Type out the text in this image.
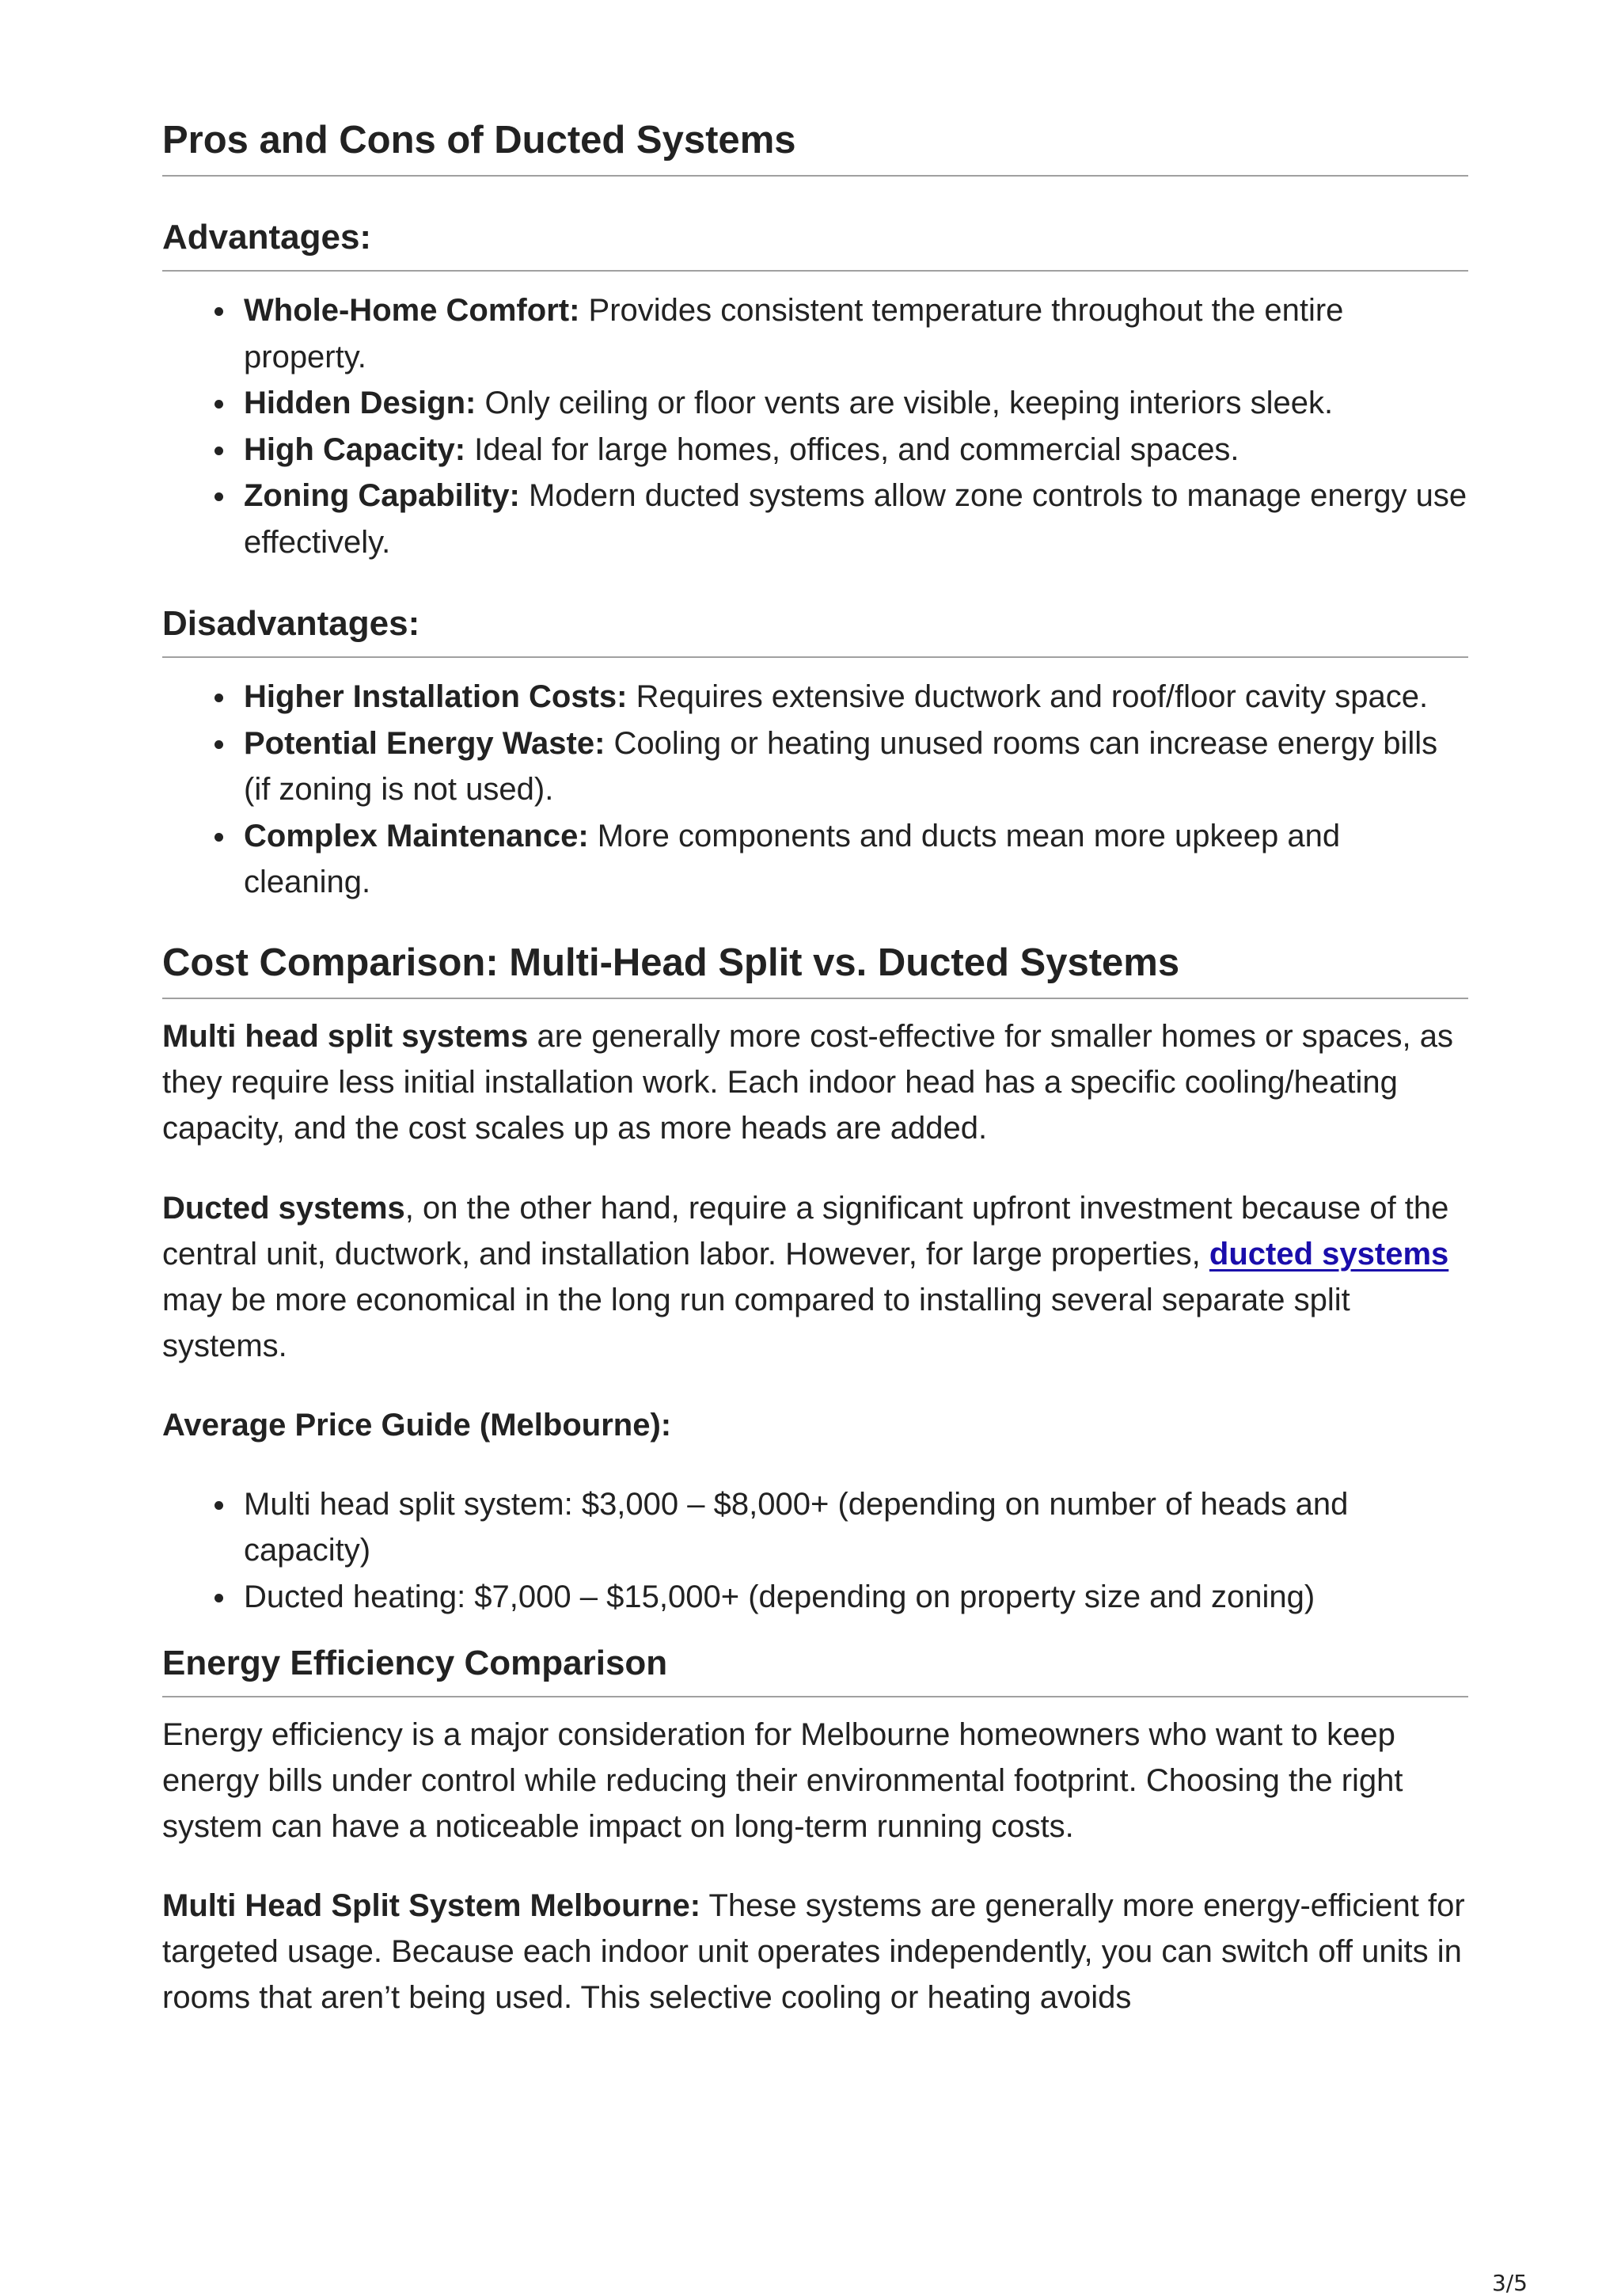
Pros and Cons of Ducted Systems
Advantages:
Whole-Home Comfort: Provides consistent temperature throughout the entire property.
Hidden Design: Only ceiling or floor vents are visible, keeping interiors sleek.
High Capacity: Ideal for large homes, offices, and commercial spaces.
Zoning Capability: Modern ducted systems allow zone controls to manage energy use effectively.
Disadvantages:
Higher Installation Costs: Requires extensive ductwork and roof/floor cavity space.
Potential Energy Waste: Cooling or heating unused rooms can increase energy bills (if zoning is not used).
Complex Maintenance: More components and ducts mean more upkeep and cleaning.
Cost Comparison: Multi-Head Split vs. Ducted Systems

Multi head split systems are generally more cost-effective for smaller homes or spaces, as they require less initial installation work. Each indoor head has a specific cooling/heating capacity, and the cost scales up as more heads are added.

Ducted systems, on the other hand, require a significant upfront investment because of the central unit, ductwork, and installation labor. However, for large properties, ducted systems may be more economical in the long run compared to installing several separate split systems.

Average Price Guide (Melbourne):

Multi head split system: $3,000 – $8,000+ (depending on number of heads and capacity)
Ducted heating: $7,000 – $15,000+ (depending on property size and zoning)
Energy Efficiency Comparison

Energy efficiency is a major consideration for Melbourne homeowners who want to keep energy bills under control while reducing their environmental footprint. Choosing the right system can have a noticeable impact on long-term running costs.

Multi Head Split System Melbourne: These systems are generally more energy-efficient for targeted usage. Because each indoor unit operates independently, you can switch off units in rooms that aren’t being used. This selective cooling or heating avoids

3/5
